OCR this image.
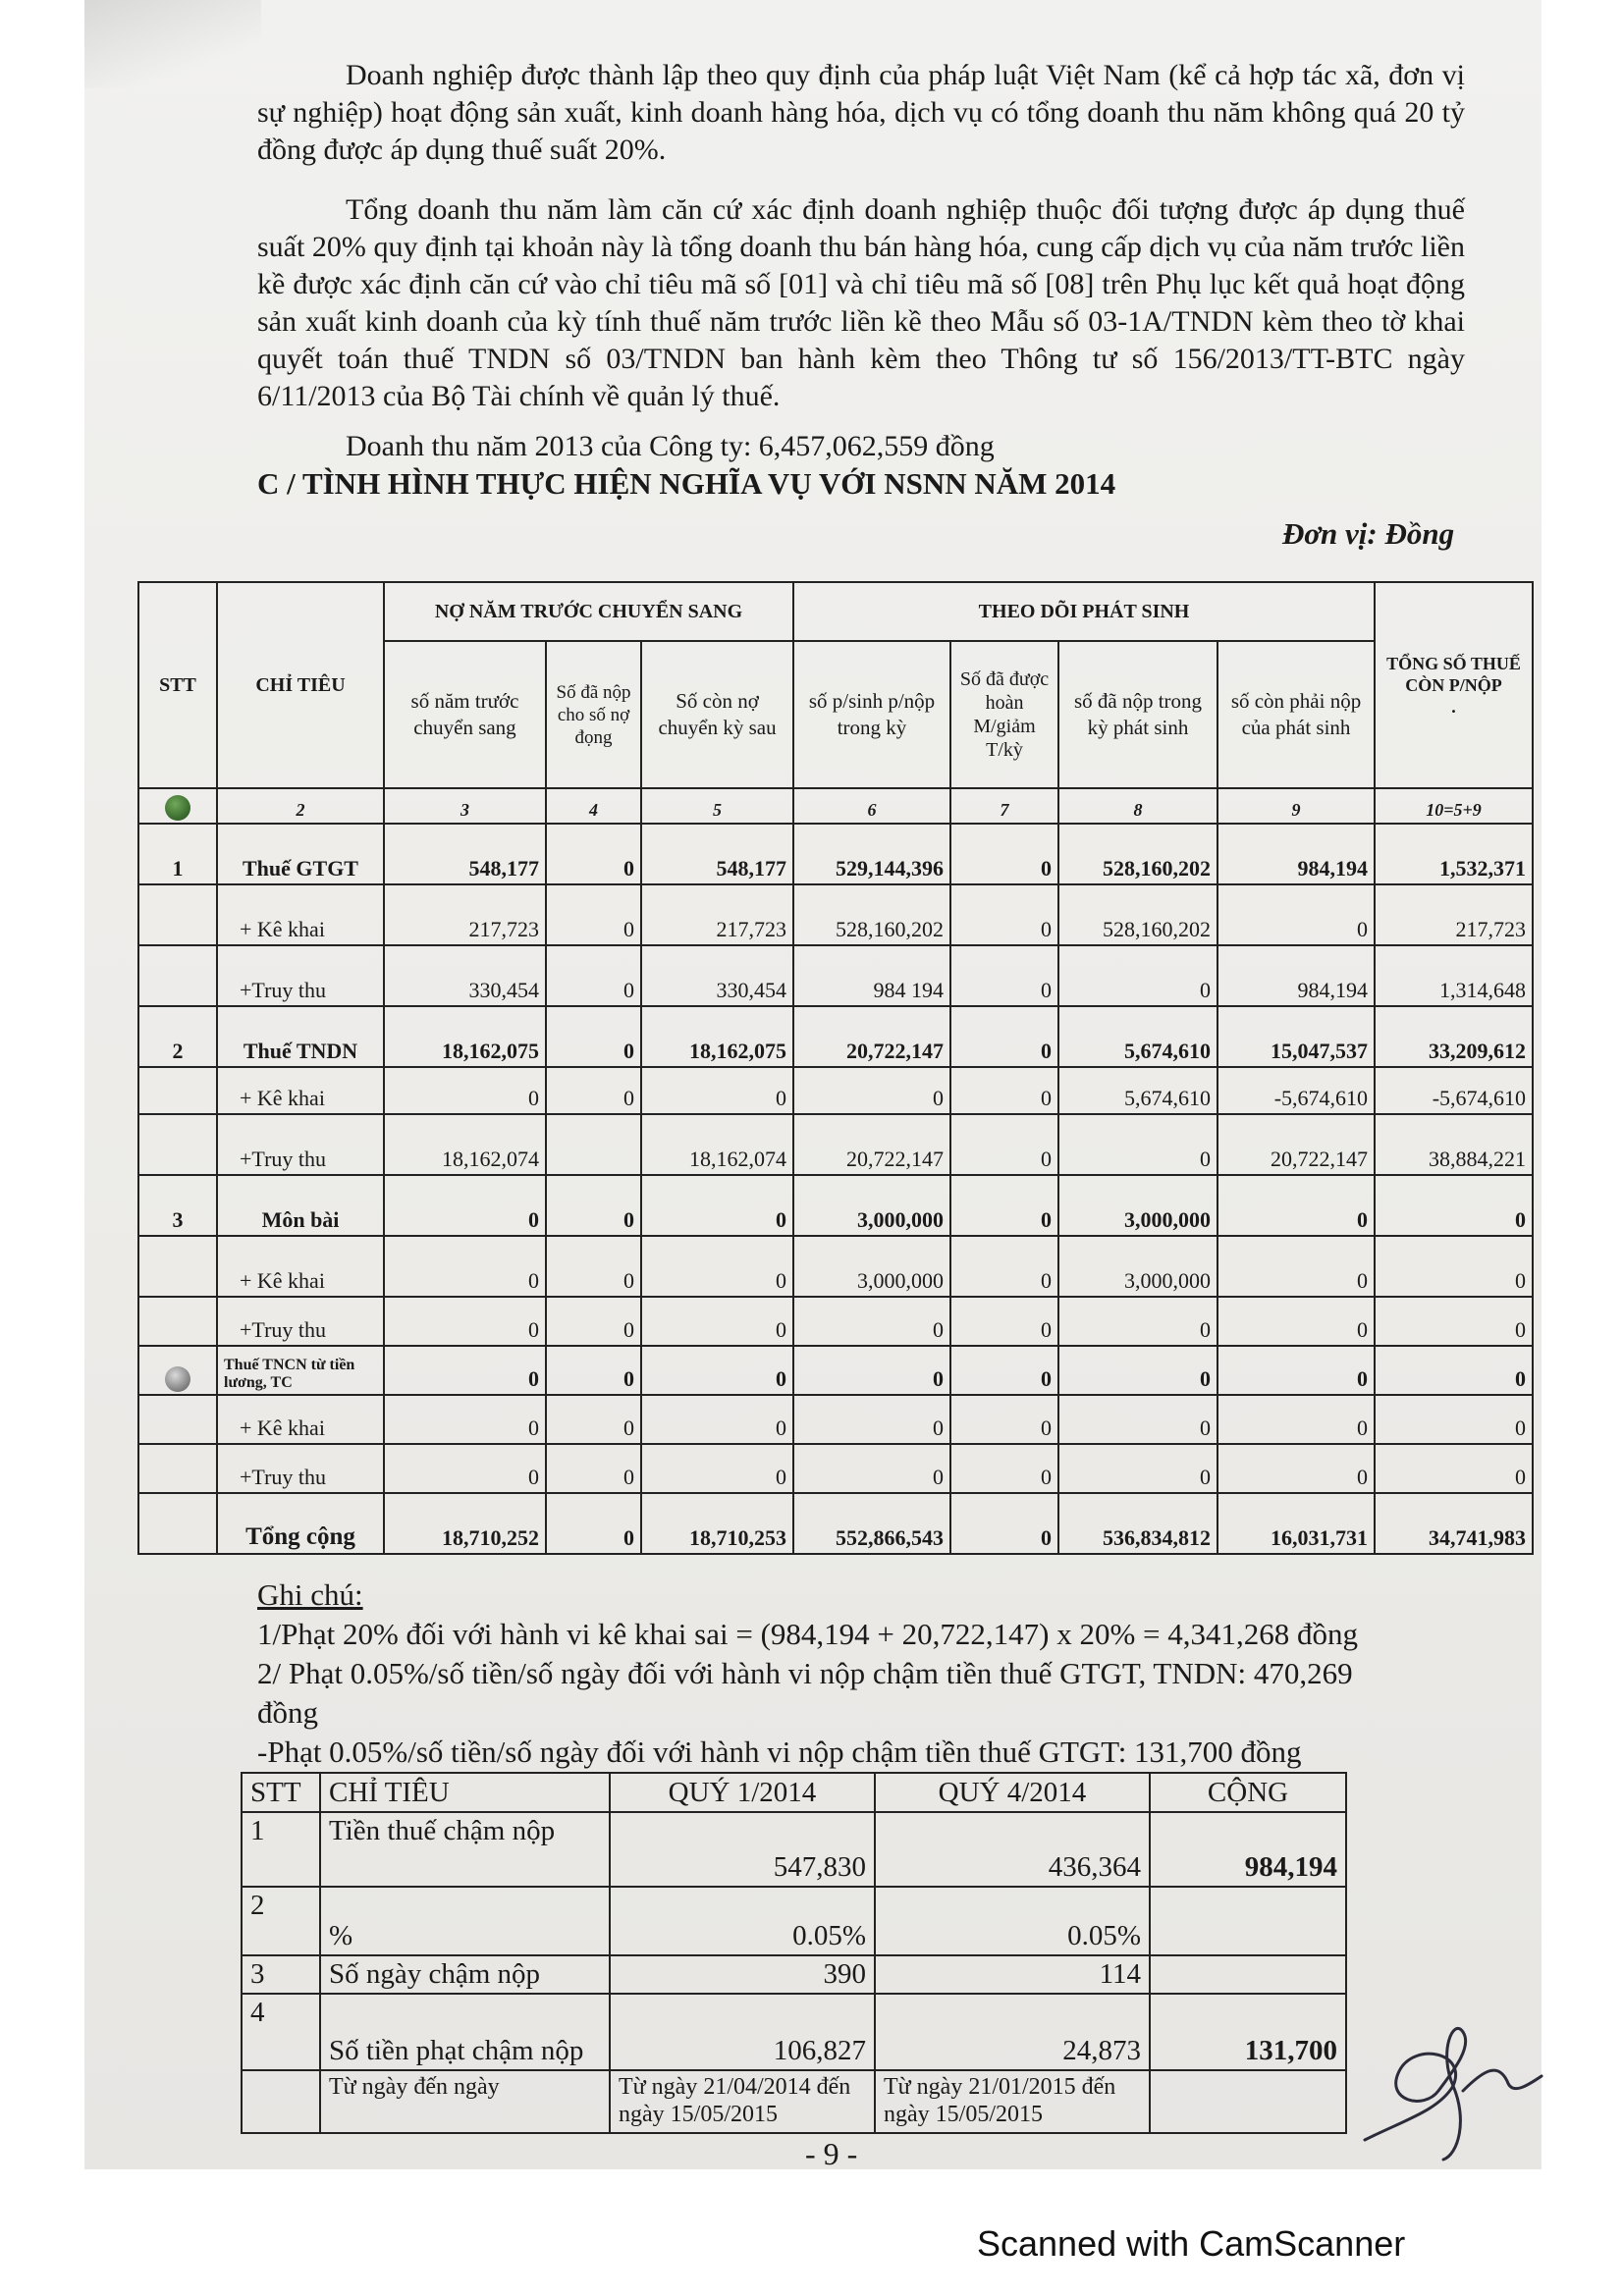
Doanh nghiệp được thành lập theo quy định của pháp luật Việt Nam (kể cả hợp tác xã, đơn vị sự nghiệp) hoạt động sản xuất, kinh doanh hàng hóa, dịch vụ có tổng doanh thu năm không quá 20 tỷ đồng được áp dụng thuế suất 20%.

Tổng doanh thu năm làm căn cứ xác định doanh nghiệp thuộc đối tượng được áp dụng thuế suất 20% quy định tại khoản này là tổng doanh thu bán hàng hóa, cung cấp dịch vụ của năm trước liền kề được xác định căn cứ vào chỉ tiêu mã số [01] và chỉ tiêu mã số [08] trên Phụ lục kết quả hoạt động sản xuất kinh doanh của kỳ tính thuế năm trước liền kề theo Mẫu số 03-1A/TNDN kèm theo tờ khai quyết toán thuế TNDN số 03/TNDN ban hành kèm theo Thông tư số 156/2013/TT-BTC ngày 6/11/2013 của Bộ Tài chính về quản lý thuế.

Doanh thu năm 2013 của Công ty: 6,457,062,559 đồng
C / TÌNH HÌNH THỰC HIỆN NGHĨA VỤ VỚI NSNN NĂM 2014
Đơn vị: Đồng
STT	CHỈ TIÊU	NỢ NĂM TRƯỚC CHUYỂN SANG			THEO DÕI PHÁT SINH				TỔNG SỐ THUẾ CÒN P/NỘP
.
		số năm trước chuyển sang	Số đã nộp cho số nợ đọng	Số còn nợ chuyển kỳ sau	số p/sinh p/nộp trong kỳ	Số đã được hoàn M/giảm T/kỳ	số đã nộp trong kỳ phát sinh	số còn phải nộp của phát sinh	
	2	3	4	5	6	7	8	9	10=5+9
1	Thuế GTGT	548,177	0	548,177	529,144,396	0	528,160,202	984,194	1,532,371
	+ Kê khai	217,723	0	217,723	528,160,202	0	528,160,202	0	217,723
	+Truy thu	330,454	0	330,454	984 194	0	0	984,194	1,314,648
2	Thuế TNDN	18,162,075	0	18,162,075	20,722,147	0	5,674,610	15,047,537	33,209,612
	+ Kê khai	0	0	0	0	0	5,674,610	-5,674,610	-5,674,610
	+Truy thu	18,162,074		18,162,074	20,722,147	0	0	20,722,147	38,884,221
3	Môn bài	0	0	0	3,000,000	0	3,000,000	0	0
	+ Kê khai	0	0	0	3,000,000	0	3,000,000	0	0
	+Truy thu	0	0	0	0	0	0	0	0
	Thuế TNCN từ tiền lương, TC	0	0	0	0	0	0	0	0
	+ Kê khai	0	0	0	0	0	0	0	0
	+Truy thu	0	0	0	0	0	0	0	0
	Tổng cộng	18,710,252	0	18,710,253	552,866,543	0	536,834,812	16,031,731	34,741,983
Ghi chú:
1/Phạt 20% đối với hành vi kê khai sai = (984,194 + 20,722,147) x 20% = 4,341,268 đồng
2/ Phạt 0.05%/số tiền/số ngày đối với hành vi nộp chậm tiền thuế GTGT, TNDN: 470,269
đồng
-Phạt 0.05%/số tiền/số ngày đối với hành vi nộp chậm tiền thuế GTGT: 131,700 đồng
STT	CHỈ TIÊU	QUÝ 1/2014	QUÝ 4/2014	CỘNG
1	Tiền thuế chậm nộp	547,830	436,364	984,194
2	%	0.05%	0.05%	
3	Số ngày chậm nộp	390	114	
4	Số tiền phạt chậm nộp	106,827	24,873	131,700
	Từ ngày đến ngày	Từ ngày 21/04/2014 đến ngày 15/05/2015	Từ ngày 21/01/2015 đến ngày 15/05/2015	
- 9 -
Scanned with CamScanner
